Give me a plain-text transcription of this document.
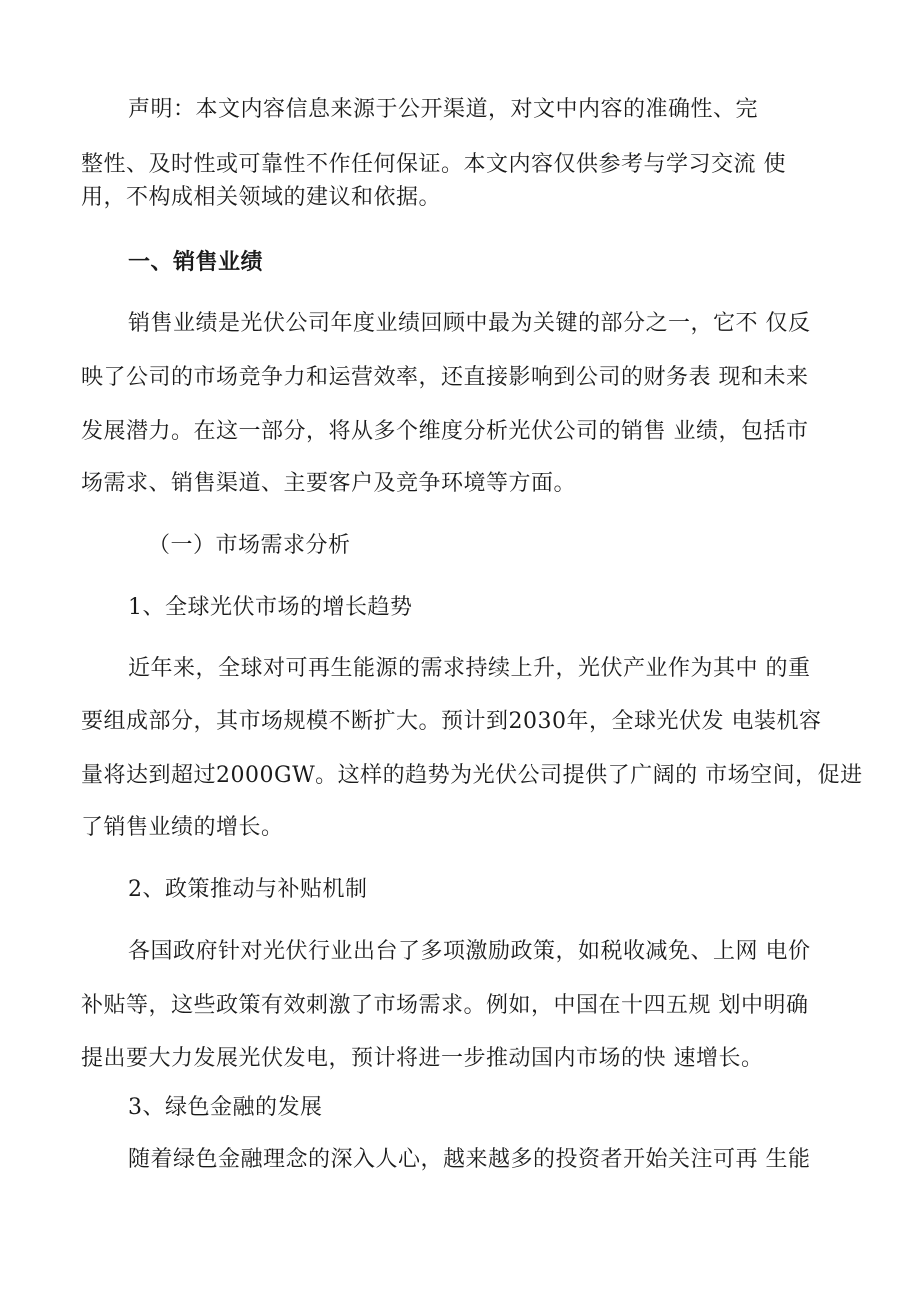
声明：本文内容信息来源于公开渠道，对文中内容的准确性、完
整性、及时性或可靠性不作任何保证。本文内容仅供参考与学习交流 使
用，不构成相关领域的建议和依据。
一、销售业绩
销售业绩是光伏公司年度业绩回顾中最为关键的部分之一，它不 仅反
映了公司的市场竞争力和运营效率，还直接影响到公司的财务表 现和未来
发展潜力。在这一部分，将从多个维度分析光伏公司的销售 业绩，包括市
场需求、销售渠道、主要客户及竞争环境等方面。
（一）市场需求分析
1、全球光伏市场的增长趋势
近年来，全球对可再生能源的需求持续上升，光伏产业作为其中 的重
要组成部分，其市场规模不断扩大。预计到2030年，全球光伏发 电装机容
量将达到超过2000GW。这样的趋势为光伏公司提供了广阔的 市场空间，促进
了销售业绩的增长。
2、政策推动与补贴机制
各国政府针对光伏行业出台了多项激励政策，如税收减免、上网 电价
补贴等，这些政策有效刺激了市场需求。例如，中国在十四五规 划中明确
提出要大力发展光伏发电，预计将进一步推动国内市场的快 速增长。
3、绿色金融的发展
随着绿色金融理念的深入人心，越来越多的投资者开始关注可再 生能
